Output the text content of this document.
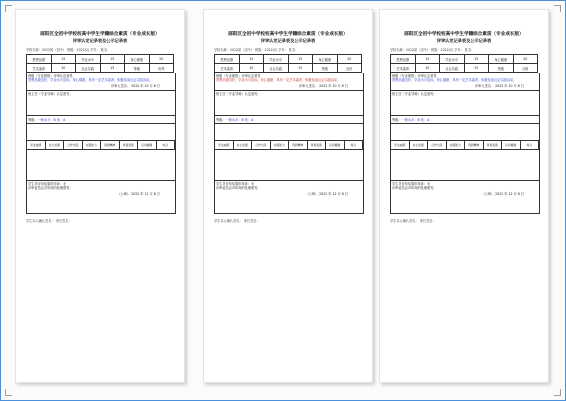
郧阳区全初中学校校高中学生学籍综合素质（专业成长版）
评审认定记录表及公示记录表
学校名称：2022届（初中） 班级：2022(2) 学号： 姓名：
思想品德	15	学业水平	15	身心健康	20
艺术素养	10	社会实践	15	等级	优秀
班级（专业团组）评审认定意见
思想品德良好，学业水平达标，身心健康，具有一定艺术素养，积极参加社会实践活动。
评审人签名： 2022 年 10 月 8 日
班主任（专业导师）认定意见：
等级：一般水平：B 优：A
学业成绩	自主发展	合作交流	实践能力	创新精神	审美表现	运动健康	综合
学生对评价结果的申诉：无
评审委员会对申诉的处理意见：
（公章） 2022 年 12 月 8 日
学生本人确认签名： 家长签名：
郧阳区全初中学校校高中学生学籍综合素质（专业成长版）
评审认定记录表及公示记录表
学校名称：2022届（初中） 班级：2022(2) 学号： 姓名：
思想品德	15	学业水平	15	身心健康	20
艺术素养	10	社会实践	15	等级	良好
班级（专业团组）评审认定意见
思想品德良好，学业水平达标，身心健康，具有一定艺术素养，积极参加社会实践活动。
评审人签名： 2022 年 10 月 8 日
班主任（专业导师）认定意见：
等级：一般水平：B 优：A
学业成绩	自主发展	合作交流	实践能力	创新精神	审美表现	运动健康	综合
学生对评价结果的申诉：无
评审委员会对申诉的处理意见：
（公章） 2022 年 12 月 8 日
学生本人确认签名： 家长签名：
郧阳区全初中学校校高中学生学籍综合素质（专业成长版）
评审认定记录表及公示记录表
学校名称：2022届（初中） 班级：2022(2) 学号： 姓名：
思想品德	15	学业水平	15	身心健康	20
艺术素养	10	社会实践	15	等级	合格
班级（专业团组）评审认定意见
思想品德良好，学业水平达标，身心健康，具有一定艺术素养，积极参加社会实践活动。
评审人签名： 2022 年 10 月 8 日
班主任（专业导师）认定意见：
等级：一般水平：B 优：A
学业成绩	自主发展	合作交流	实践能力	创新精神	审美表现	运动健康	综合
学生对评价结果的申诉：无
评审委员会对申诉的处理意见：
（公章） 2022 年 12 月 8 日
学生本人确认签名： 家长签名：
